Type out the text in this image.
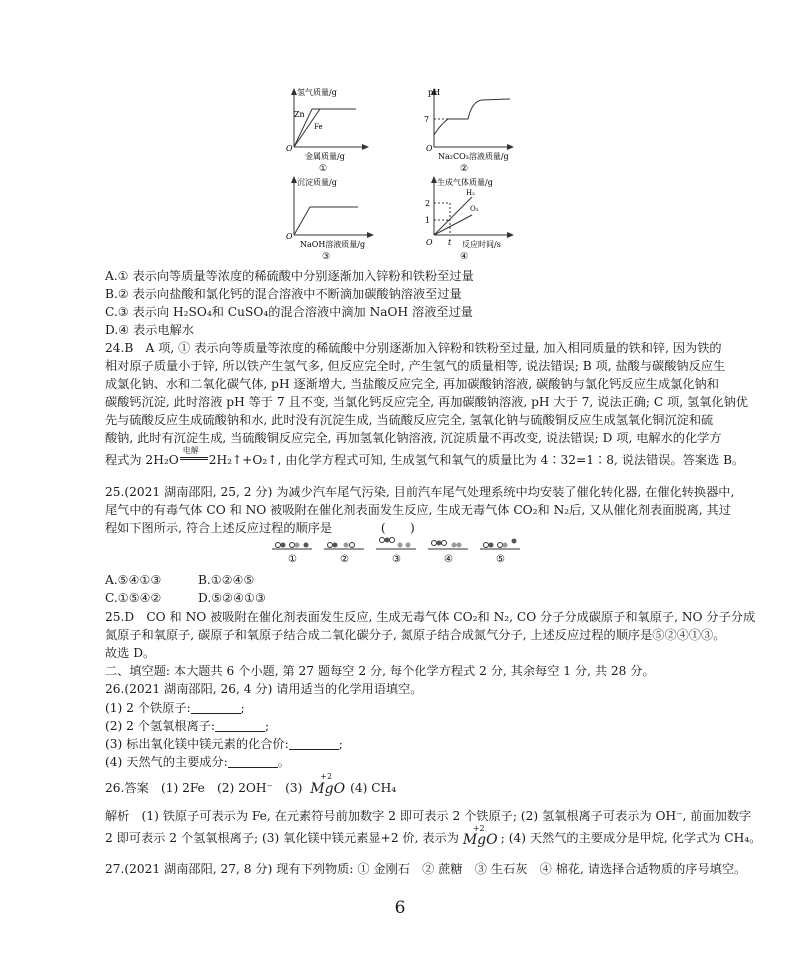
氢气质量/g
Zn
Fe
O
金属质量/g
①
pH
7
O
Na₂CO₃溶液质量/g
②
沉淀质量/g
O
NaOH溶液质量/g
③
生成气体质量/g
H₂
O₂
2
1
O t 反应时间/s
④
A.① 表示向等质量等浓度的稀硫酸中分别逐渐加入锌粉和铁粉至过量
B.② 表示向盐酸和氯化钙的混合溶液中不断滴加碳酸钠溶液至过量
C.③ 表示向 H₂SO₄和 CuSO₄的混合溶液中滴加 NaOH 溶液至过量
D.④ 表示电解水
24.B　A 项, ① 表示向等质量等浓度的稀硫酸中分别逐渐加入锌粉和铁粉至过量, 加入相同质量的铁和锌, 因为铁的
相对原子质量小于锌, 所以铁产生氢气多, 但反应完全时, 产生氢气的质量相等, 说法错误; B 项, 盐酸与碳酸钠反应生
成氯化钠、水和二氧化碳气体, pH 逐渐增大, 当盐酸反应完全, 再加碳酸钠溶液, 碳酸钠与氯化钙反应生成氯化钠和
碳酸钙沉淀, 此时溶液 pH 等于 7 且不变, 当氯化钙反应完全, 再加碳酸钠溶液, pH 大于 7, 说法正确; C 项, 氢氧化钠优
先与硫酸反应生成硫酸钠和水, 此时没有沉淀生成, 当硫酸反应完全, 氢氧化钠与硫酸铜反应生成氢氧化铜沉淀和硫
酸钠, 此时有沉淀生成, 当硫酸铜反应完全, 再加氢氧化钠溶液, 沉淀质量不再改变, 说法错误; D 项, 电解水的化学方
程式为 2H₂O
电解
2H₂↑+O₂↑, 由化学方程式可知, 生成氢气和氧气的质量比为 4∶32=1∶8, 说法错误。答案选 B。
25.(2021 湖南邵阳, 25, 2 分) 为减少汽车尾气污染, 目前汽车尾气处理系统中均安装了催化转化器, 在催化转换器中,
尾气中的有毒气体 CO 和 NO 被吸附在催化剂表面发生反应, 生成无毒气体 CO₂和 N₂后, 又从催化剂表面脱离, 其过
程如下图所示, 符合上述反应过程的顺序是　　　　(　　)
①	②	③	④	⑤
A.⑤④①③　　　B.①②④⑤
C.①⑤④②　　　D.⑤②④①③
25.D　CO 和 NO 被吸附在催化剂表面发生反应, 生成无毒气体 CO₂和 N₂, CO 分子分成碳原子和氧原子, NO 分子分成
氮原子和氧原子, 碳原子和氧原子结合成二氧化碳分子, 氮原子结合成氮气分子, 上述反应过程的顺序是⑤②④①③。
故选 D。
二、填空题: 本大题共 6 个小题, 第 27 题每空 2 分, 每个化学方程式 2 分, 其余每空 1 分, 共 28 分。
26.(2021 湖南邵阳, 26, 4 分) 请用适当的化学用语填空。
(1) 2 个铁原子:	;
(2) 2 个氢氧根离子:	;
(3) 标出氧化镁中镁元素的化合价:	;
(4) 天然气的主要成分:	。
26.答案　(1) 2Fe　(2) 2OH⁻　(3)
+2
MgO (4) CH₄
解析　(1) 铁原子可表示为 Fe, 在元素符号前加数字 2 即可表示 2 个铁原子; (2) 氢氧根离子可表示为 OH⁻, 前面加数字
2 即可表示 2 个氢氧根离子; (3) 氧化镁中镁元素显+2 价, 表示为
+2
MgO ; (4) 天然气的主要成分是甲烷, 化学式为 CH₄。
27.(2021 湖南邵阳, 27, 8 分) 现有下列物质: ① 金刚石　② 蔗糖　③ 生石灰　④ 棉花, 请选择合适物质的序号填空。
6
